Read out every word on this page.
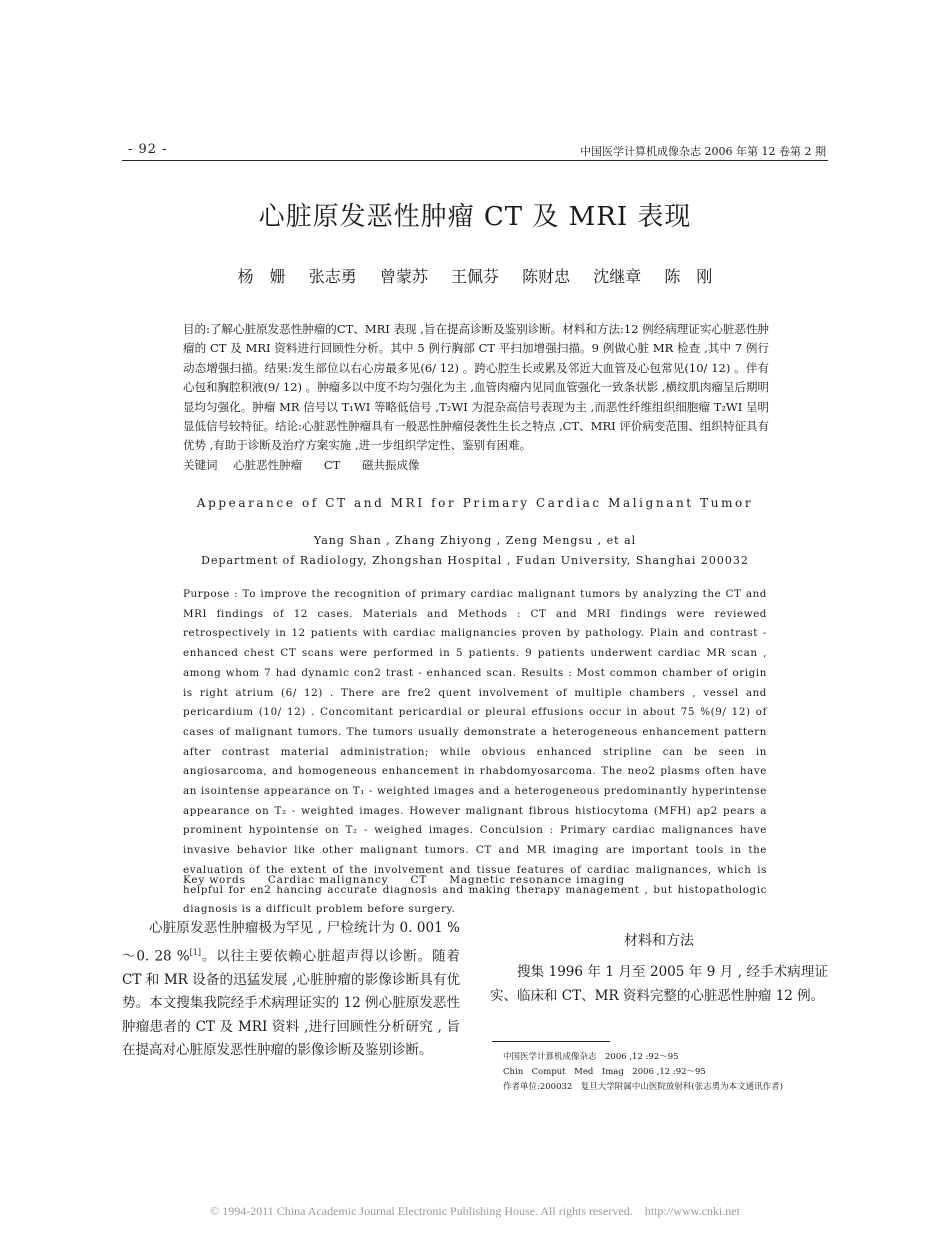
- 92 -	中国医学计算机成像杂志 2006 年第 12 卷第 2 期
心脏原发恶性肿瘤 CT 及 MRI 表现
杨　姗 张志勇 曾蒙苏 王佩芬 陈财忠 沈继章 陈　刚
目的:了解心脏原发恶性肿瘤的CT、MRI 表现 ,旨在提高诊断及鉴别诊断。材料和方法:12 例经病理证实心脏恶性肿瘤的 CT 及 MRI 资料进行回顾性分析。其中 5 例行胸部 CT 平扫加增强扫描。9 例做心脏 MR 检查 ,其中 7 例行动态增强扫描。结果:发生部位以右心房最多见(6/ 12) 。跨心腔生长或累及邻近大血管及心包常见(10/ 12) 。伴有心包和胸腔积液(9/ 12) 。肿瘤多以中度不均匀强化为主 ,血管肉瘤内见同血管强化一致条状影 ,横纹肌肉瘤呈后期明显均匀强化。肿瘤 MR 信号以 T₁WI 等略低信号 ,T₂WI 为混杂高信号表现为主 ,而恶性纤维组织细胞瘤 T₂WI 呈明显低信号较特征。结论:心脏恶性肿瘤具有一般恶性肿瘤侵袭性生长之特点 ,CT、MRI 评价病变范围、组织特征具有优势 ,有助于诊断及治疗方案实施 ,进一步组织学定性、鉴别有困难。
关键词 心脏恶性肿瘤 CT 磁共振成像
Appearance of CT and MRI for Primary Cardiac Malignant Tumor
Yang Shan , Zhang Zhiyong , Zeng Mengsu , et al
Department of Radiology, Zhongshan Hospital , Fudan University, Shanghai 200032
Purpose : To improve the recognition of primary cardiac malignant tumors by analyzing the CT and MRI findings of 12 cases. Materials and Methods : CT and MRI findings were reviewed retrospectively in 12 patients with cardiac malignancies proven by pathology. Plain and contrast - enhanced chest CT scans were performed in 5 patients. 9 patients underwent cardiac MR scan , among whom 7 had dynamic con2 trast - enhanced scan. Results : Most common chamber of origin is right atrium (6/ 12) . There are fre2 quent involvement of multiple chambers , vessel and pericardium (10/ 12) . Concomitant pericardial or pleural effusions occur in about 75 %(9/ 12) of cases of malignant tumors. The tumors usually demonstrate a heterogeneous enhancement pattern after contrast material administration; while obvious enhanced stripline can be seen in angiosarcoma, and homogeneous enhancement in rhabdomyosarcoma. The neo2 plasms often have an isointense appearance on T₁ - weighted images and a heterogeneous predominantly hyperintense appearance on T₂ - weighted images. However malignant fibrous histiocytoma (MFH) ap2 pears a prominent hypointense on T₂ - weighed images. Conculsion : Primary cardiac malignances have invasive behavior like other malignant tumors. CT and MR imaging are important tools in the evaluation of the extent of the involvement and tissue features of cardiac malignances, which is helpful for en2 hancing accurate diagnosis and making therapy management , but histopathologic diagnosis is a difficult problem before surgery.
Key words Cardiac malignancy CT Magnetic resonance imaging
心脏原发恶性肿瘤极为罕见 , 尸检统计为 0. 001 %～0. 28 %[1]。以往主要依赖心脏超声得以诊断。随着 CT 和 MR 设备的迅猛发展 ,心脏肿瘤的影像诊断具有优势。本文搜集我院经手术病理证实的 12 例心脏原发恶性肿瘤患者的 CT 及 MRI 资料 ,进行回顾性分析研究 , 旨在提高对心脏原发恶性肿瘤的影像诊断及鉴别诊断。
材料和方法
搜集 1996 年 1 月至 2005 年 9 月 , 经手术病理证实、临床和 CT、MR 资料完整的心脏恶性肿瘤 12 例。
中国医学计算机成像杂志　2006 ,12 :92～95
Chin　Comput　Med　Imag　2006 ,12 :92～95
作者单位:200032　复旦大学附属中山医院放射科(张志勇为本文通讯作者)
© 1994-2011 China Academic Journal Electronic Publishing House. All rights reserved.　http://www.cnki.net
